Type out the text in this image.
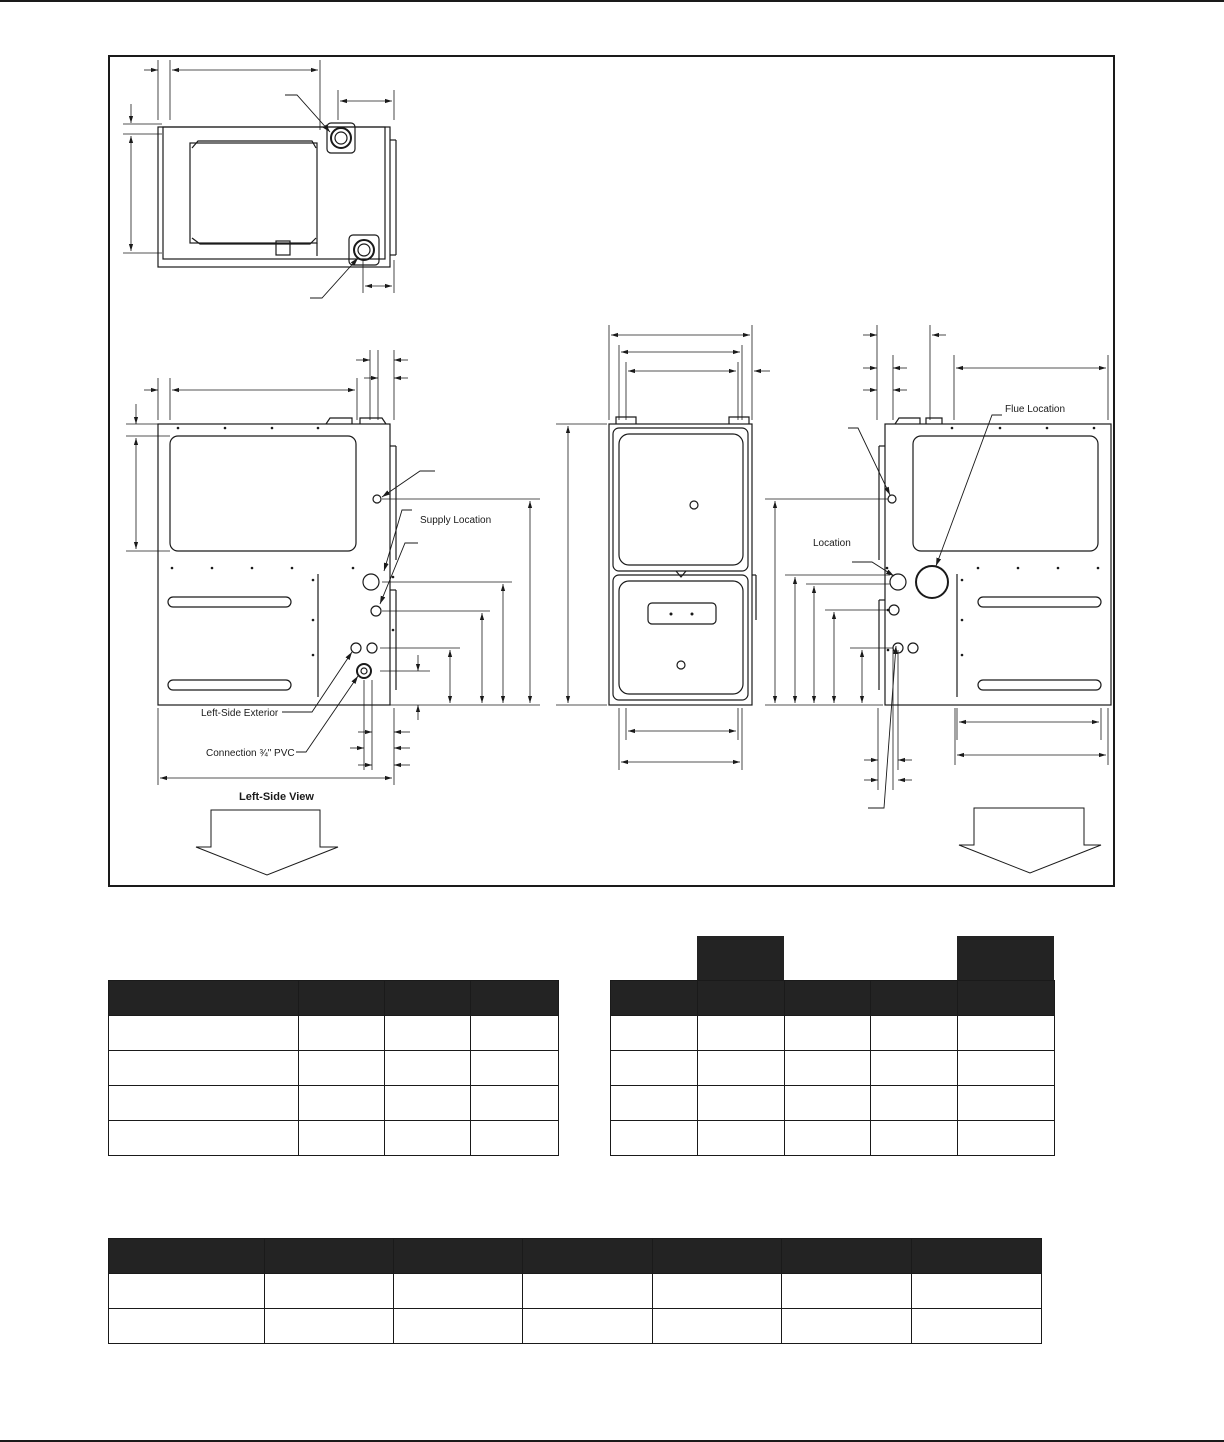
Supply Location
Left-Side Exterior
Connection ¾" PVC
Left-Side View
Flue Location
Location
